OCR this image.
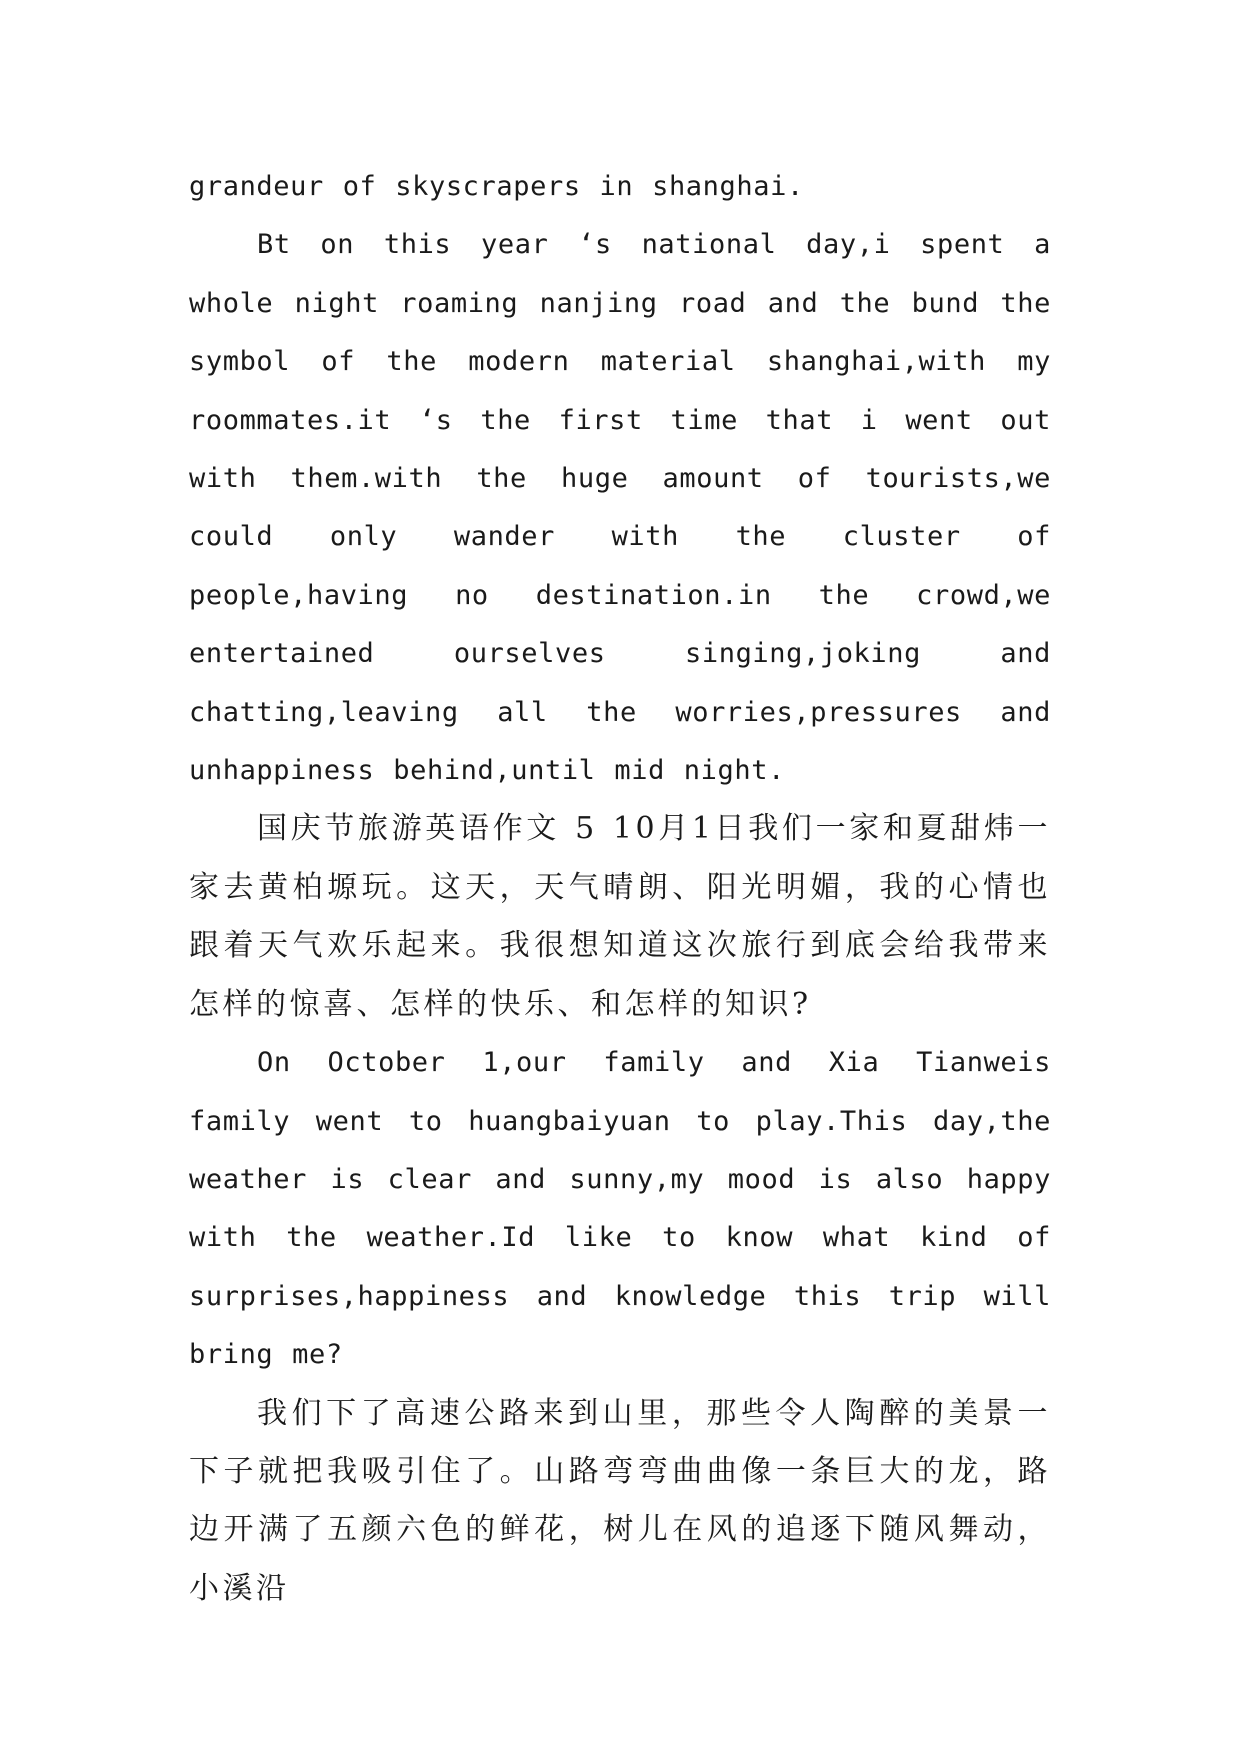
grandeur of skyscrapers in shanghai.

Bt on this year ‘s national day,i spent a whole night roaming nanjing road and the bund the symbol of the modern material shanghai,with my roommates.it ‘s the first time that i went out with them.with the huge amount of tourists,we could only wander with the cluster of people,having no destination.in the crowd,we entertained ourselves singing,joking and chatting,leaving all the worries,pressures and unhappiness behind,until mid night.

国庆节旅游英语作文 5 10月1日我们一家和夏甜炜一家去黄柏塬玩。这天，天气晴朗、阳光明媚，我的心情也跟着天气欢乐起来。我很想知道这次旅行到底会给我带来怎样的惊喜、怎样的快乐、和怎样的知识?

On October 1,our family and Xia Tianweis family went to huangbaiyuan to play.This day,the weather is clear and sunny,my mood is also happy with the weather.Id like to know what kind of surprises,happiness and knowledge this trip will bring me?

我们下了高速公路来到山里，那些令人陶醉的美景一下子就把我吸引住了。山路弯弯曲曲像一条巨大的龙，路边开满了五颜六色的鲜花，树儿在风的追逐下随风舞动，小溪沿
